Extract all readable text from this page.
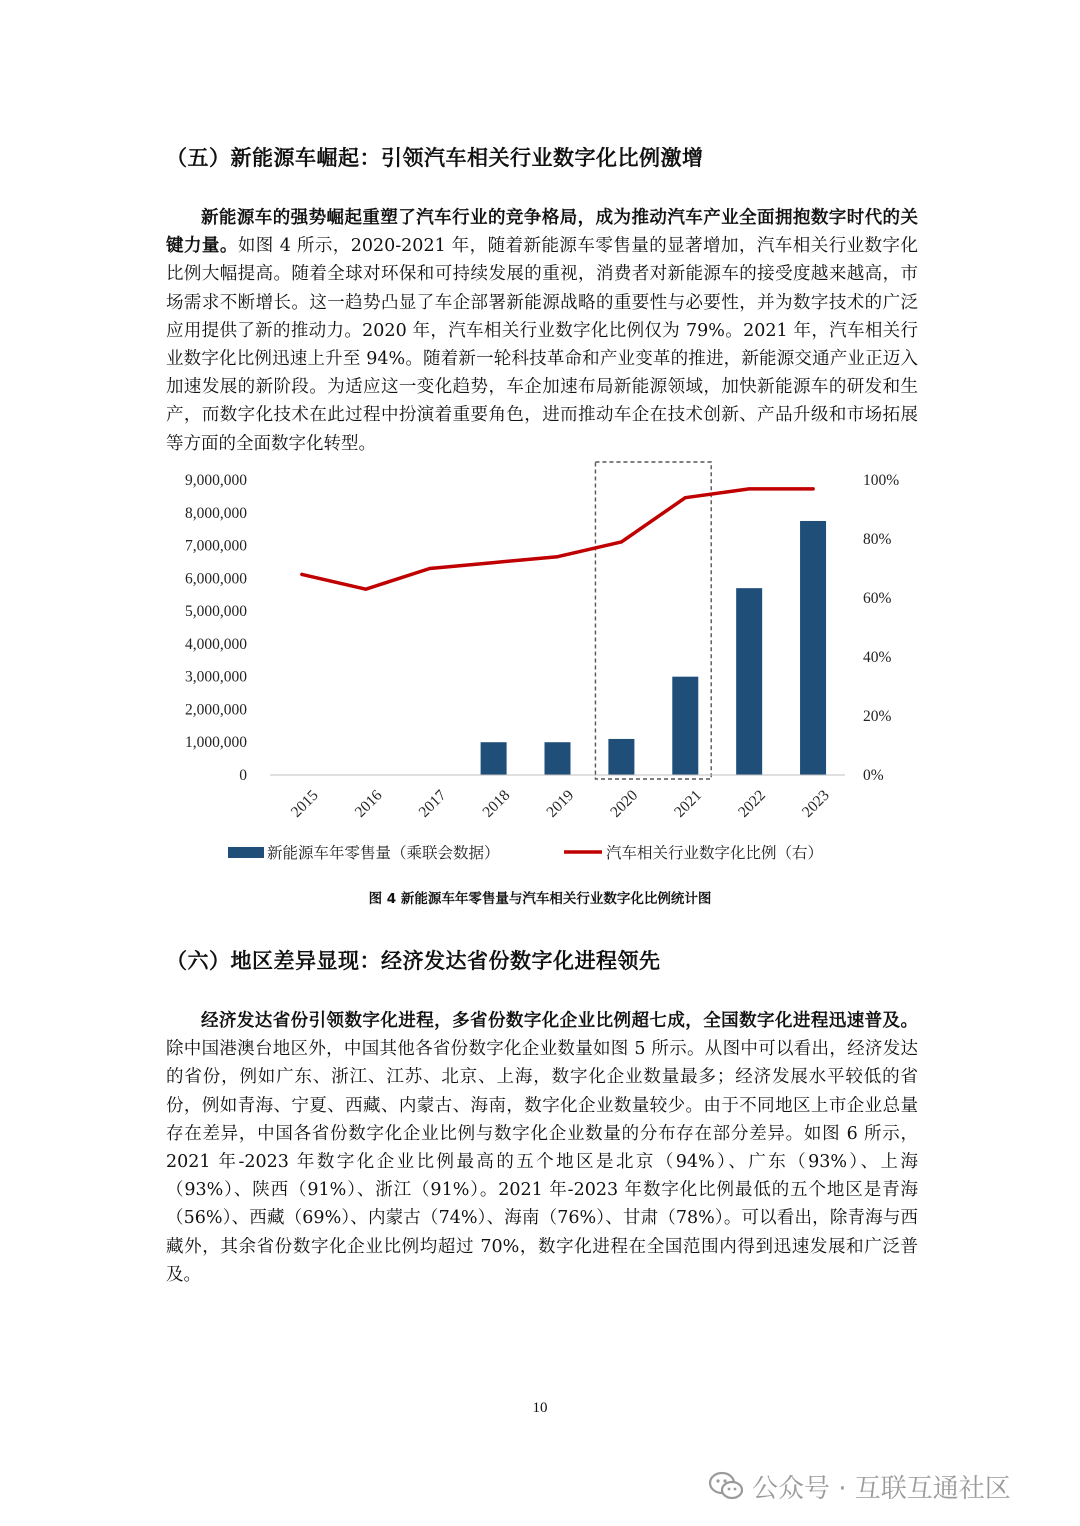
（五）新能源车崛起：引领汽车相关行业数字化比例激增
新能源车的强势崛起重塑了汽车行业的竞争格局，成为推动汽车产业全面拥抱数字时代的关键力量。如图 4 所示，2020-2021 年，随着新能源车零售量的显著增加，汽车相关行业数字化比例大幅提高。随着全球对环保和可持续发展的重视，消费者对新能源车的接受度越来越高，市场需求不断增长。这一趋势凸显了车企部署新能源战略的重要性与必要性，并为数字技术的广泛应用提供了新的推动力。2020 年，汽车相关行业数字化比例仅为 79%。2021 年，汽车相关行业数字化比例迅速上升至 94%。随着新一轮科技革命和产业变革的推进，新能源交通产业正迈入加速发展的新阶段。为适应这一变化趋势，车企加速布局新能源领域，加快新能源车的研发和生产，而数字化技术在此过程中扮演着重要角色，进而推动车企在技术创新、产品升级和市场拓展等方面的全面数字化转型。
0
1,000,000
2,000,000
3,000,000
4,000,000
5,000,000
6,000,000
7,000,000
8,000,000
9,000,000
0%
20%
40%
60%
80%
100%
2015 2016 2017 2018 2019 2020 2021 2022 2023
新能源车年零售量（乘联会数据）	汽车相关行业数字化比例（右）
图 4 新能源车年零售量与汽车相关行业数字化比例统计图
（六）地区差异显现：经济发达省份数字化进程领先
经济发达省份引领数字化进程，多省份数字化企业比例超七成，全国数字化进程迅速普及。除中国港澳台地区外，中国其他各省份数字化企业数量如图 5 所示。从图中可以看出，经济发达的省份，例如广东、浙江、江苏、北京、上海，数字化企业数量最多；经济发展水平较低的省份，例如青海、宁夏、西藏、内蒙古、海南，数字化企业数量较少。由于不同地区上市企业总量存在差异，中国各省份数字化企业比例与数字化企业数量的分布存在部分差异。如图 6 所示，2021 年-2023 年数字化企业比例最高的五个地区是北京（94%）、广东（93%）、上海（93%）、陕西（91%）、浙江（91%）。2021 年-2023 年数字化比例最低的五个地区是青海（56%）、西藏（69%）、内蒙古（74%）、海南（76%）、甘肃（78%）。可以看出，除青海与西藏外，其余省份数字化企业比例均超过 70%，数字化进程在全国范围内得到迅速发展和广泛普及。
10
公众号 · 互联互通社区
